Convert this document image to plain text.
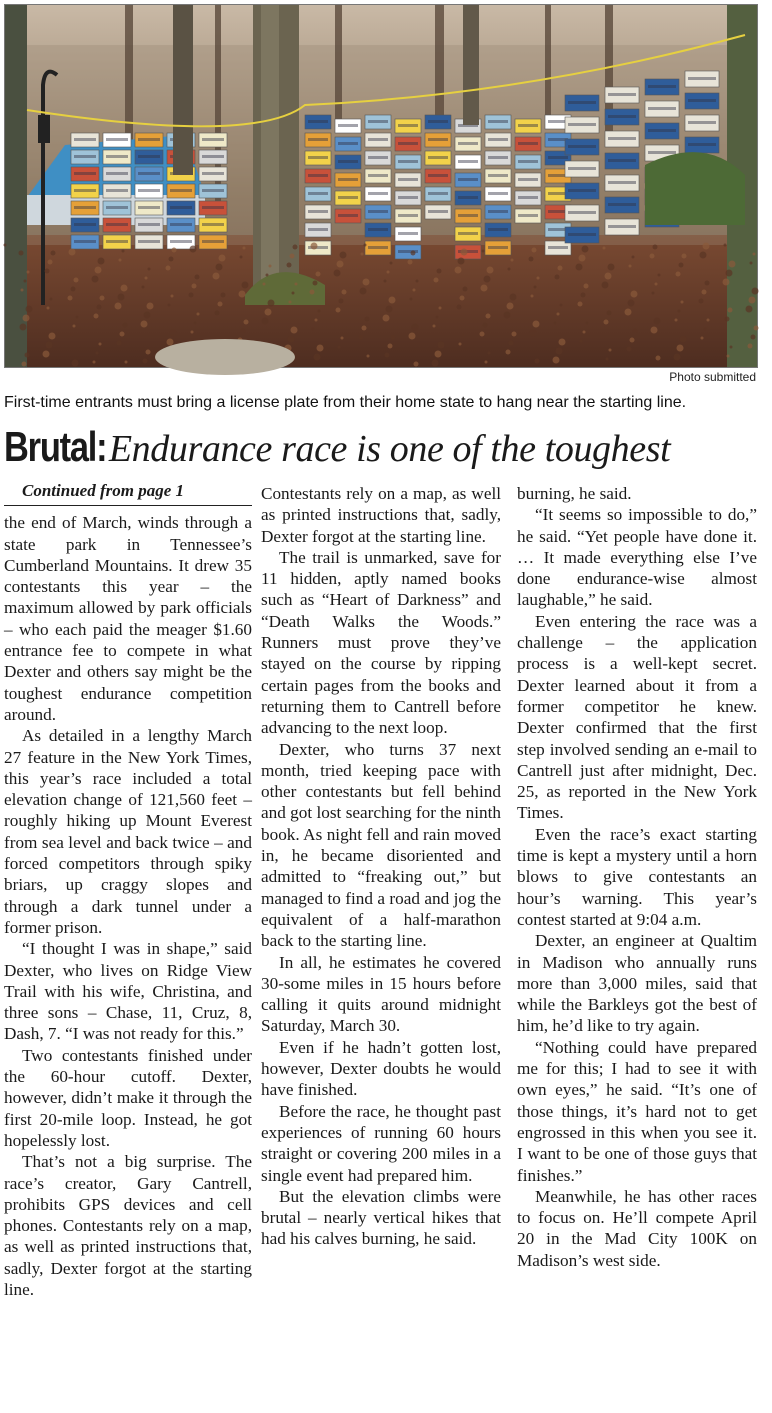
Photo submitted
First-time entrants must bring a license plate from their home state to hang near the starting line.
Brutal: Endurance race is one of the toughest

Continued from page 1

the end of March, winds through a state park in Tennessee’s Cumberland Mountains. It drew 35 contestants this year – the maximum allowed by park officials – who each paid the meager $1.60 entrance fee to compete in what Dexter and others say might be the toughest endurance competition around.

As detailed in a lengthy March 27 feature in the New York Times, this year’s race included a total elevation change of 121,560 feet – roughly hiking up Mount Everest from sea level and back twice – and forced competitors through spiky briars, up craggy slopes and through a dark tunnel under a former prison.

“I thought I was in shape,” said Dexter, who lives on Ridge View Trail with his wife, Christina, and three sons – Chase, 11, Cruz, 8, Dash, 7. “I was not ready for this.”

Two contestants finished under the 60-hour cutoff. Dexter, however, didn’t make it through the first 20-mile loop. Instead, he got hopelessly lost.

That’s not a big surprise. The race’s creator, Gary Cantrell, prohibits GPS devices and cell phones. Contestants rely on a map, as well as printed instructions that, sadly, Dexter forgot at the starting line.

Contestants rely on a map, as well as printed instructions that, sadly, Dexter forgot at the starting line.

The trail is unmarked, save for 11 hidden, aptly named books such as “Heart of Darkness” and “Death Walks the Woods.” Runners must prove they’ve stayed on the course by ripping certain pages from the books and returning them to Cantrell before advancing to the next loop.

Dexter, who turns 37 next month, tried keeping pace with other contestants but fell behind and got lost searching for the ninth book. As night fell and rain moved in, he became disoriented and admitted to “freaking out,” but managed to find a road and jog the equivalent of a half-marathon back to the starting line.

In all, he estimates he covered 30-some miles in 15 hours before calling it quits around midnight Saturday, March 30.

Even if he hadn’t gotten lost, however, Dexter doubts he would have finished.

Before the race, he thought past experiences of running 60 hours straight or covering 200 miles in a single event had prepared him.

But the elevation climbs were brutal – nearly vertical hikes that had his calves burning, he said.

burning, he said.

“It seems so impossible to do,” he said. “Yet people have done it. … It made everything else I’ve done endurance-wise almost laughable,” he said.

Even entering the race was a challenge – the application process is a well-kept secret. Dexter learned about it from a former competitor he knew. Dexter confirmed that the first step involved sending an e-mail to Cantrell just after midnight, Dec. 25, as reported in the New York Times.

Even the race’s exact starting time is kept a mystery until a horn blows to give contestants an hour’s warning. This year’s contest started at 9:04 a.m.

Dexter, an engineer at Qualtim in Madison who annually runs more than 3,000 miles, said that while the Barkleys got the best of him, he’d like to try again.

“Nothing could have prepared me for this; I had to see it with own eyes,” he said. “It’s one of those things, it’s hard not to get engrossed in this when you see it. I want to be one of those guys that finishes.”

Meanwhile, he has other races to focus on. He’ll compete April 20 in the Mad City 100K on Madison’s west side.
